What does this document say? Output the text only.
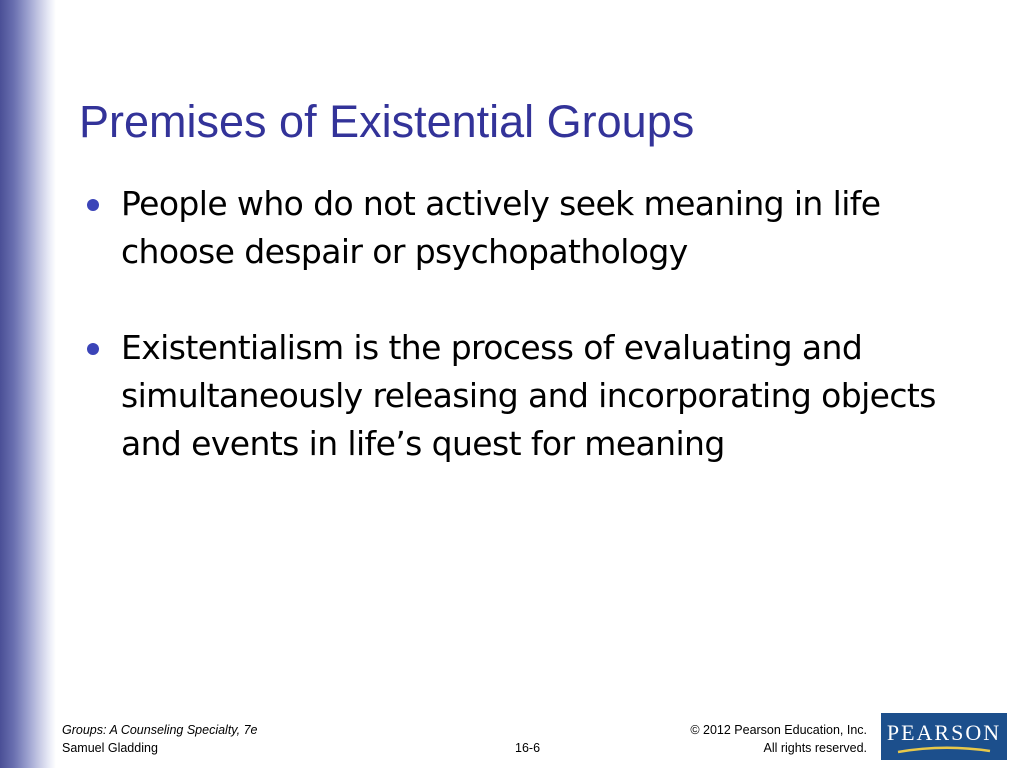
Premises of Existential Groups
People who do not actively seek meaning in life choose despair or psychopathology
Existentialism is the process of evaluating and simultaneously releasing and incorporating objects and events in life’s quest for meaning
Groups: A Counseling Specialty, 7e
Samuel Gladding	16-6
© 2012 Pearson Education, Inc.
All rights reserved.
PEARSON
